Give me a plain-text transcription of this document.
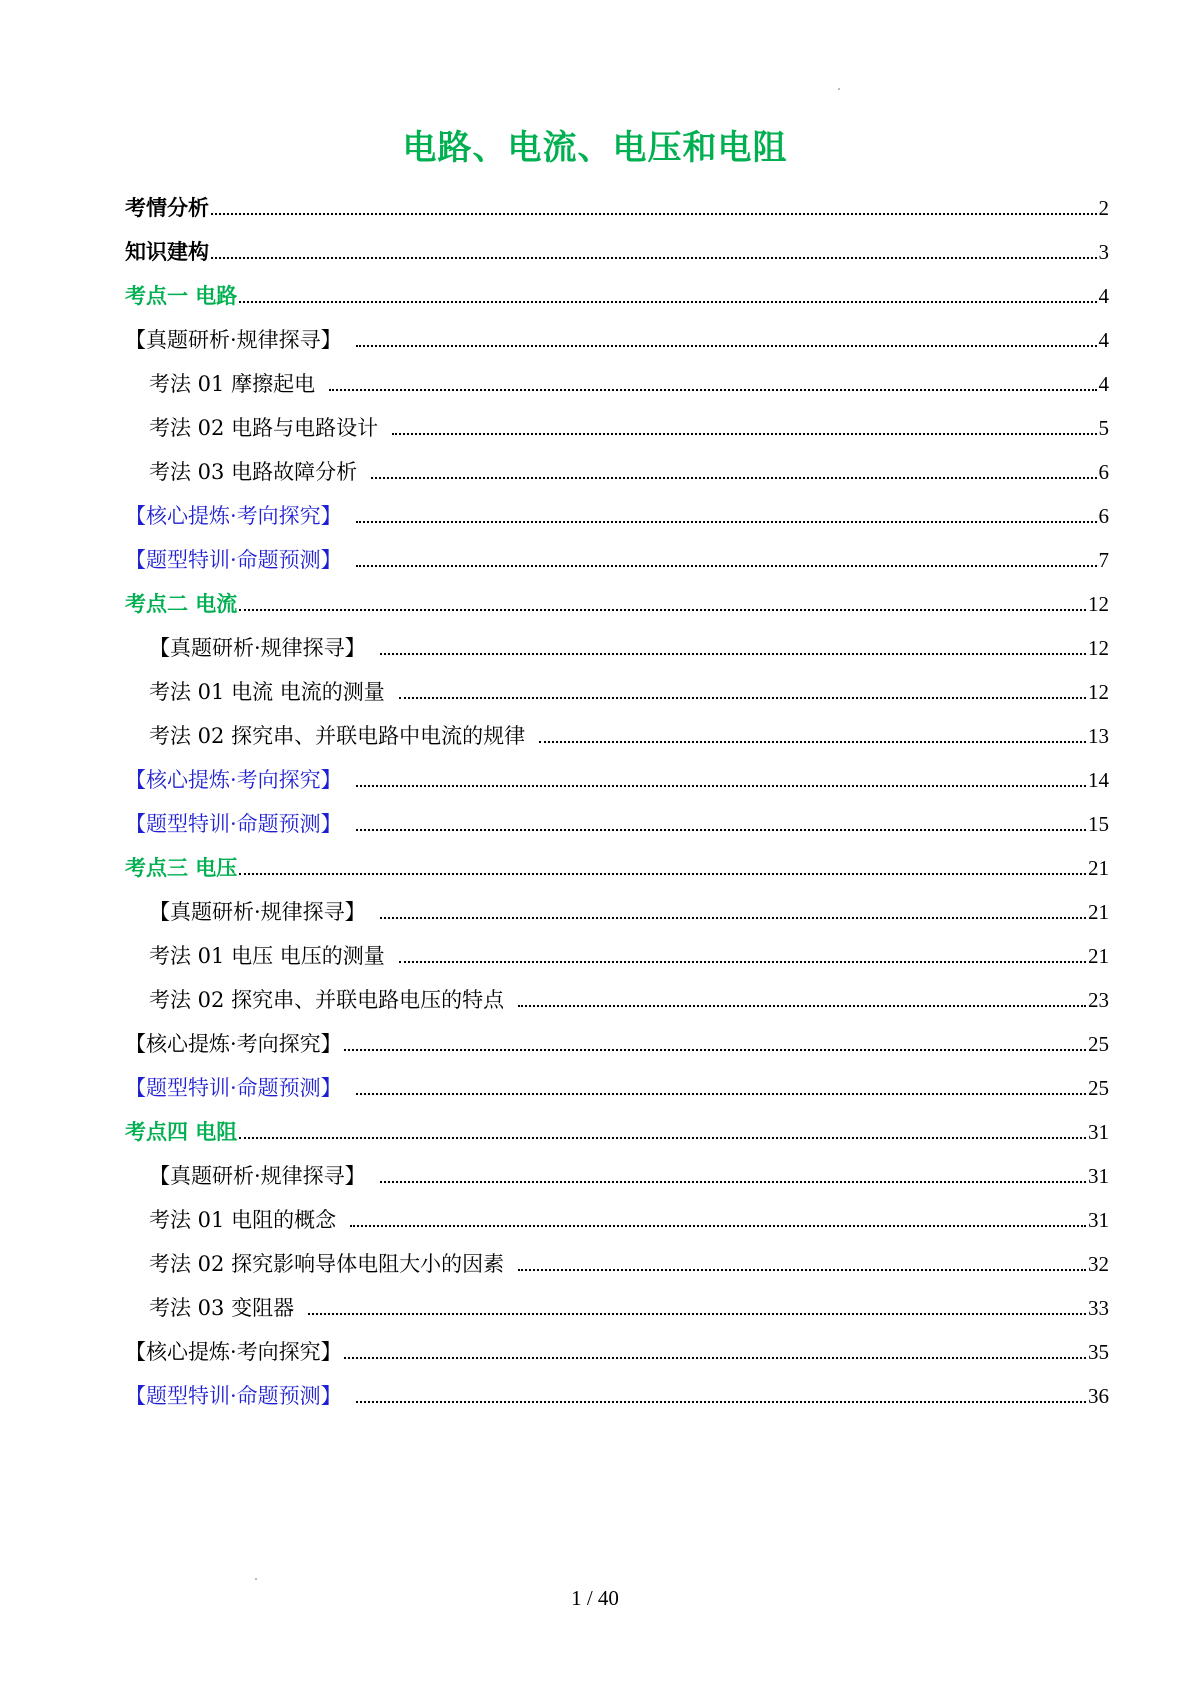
电路、电流、电压和电阻
考情分析	2
知识建构	3
考点一 电路	4
【真题研析·规律探寻】	4
考法 01 摩擦起电	4
考法 02 电路与电路设计	5
考法 03 电路故障分析	6
【核心提炼·考向探究】	6
【题型特训·命题预测】	7
考点二 电流	12
【真题研析·规律探寻】	12
考法 01 电流 电流的测量	12
考法 02 探究串、并联电路中电流的规律	13
【核心提炼·考向探究】	14
【题型特训·命题预测】	15
考点三 电压	21
【真题研析·规律探寻】	21
考法 01 电压 电压的测量	21
考法 02 探究串、并联电路电压的特点	23
【核心提炼·考向探究】	25
【题型特训·命题预测】	25
考点四 电阻	31
【真题研析·规律探寻】	31
考法 01 电阻的概念	31
考法 02 探究影响导体电阻大小的因素	32
考法 03 变阻器	33
【核心提炼·考向探究】	35
【题型特训·命题预测】	36
1 / 40
